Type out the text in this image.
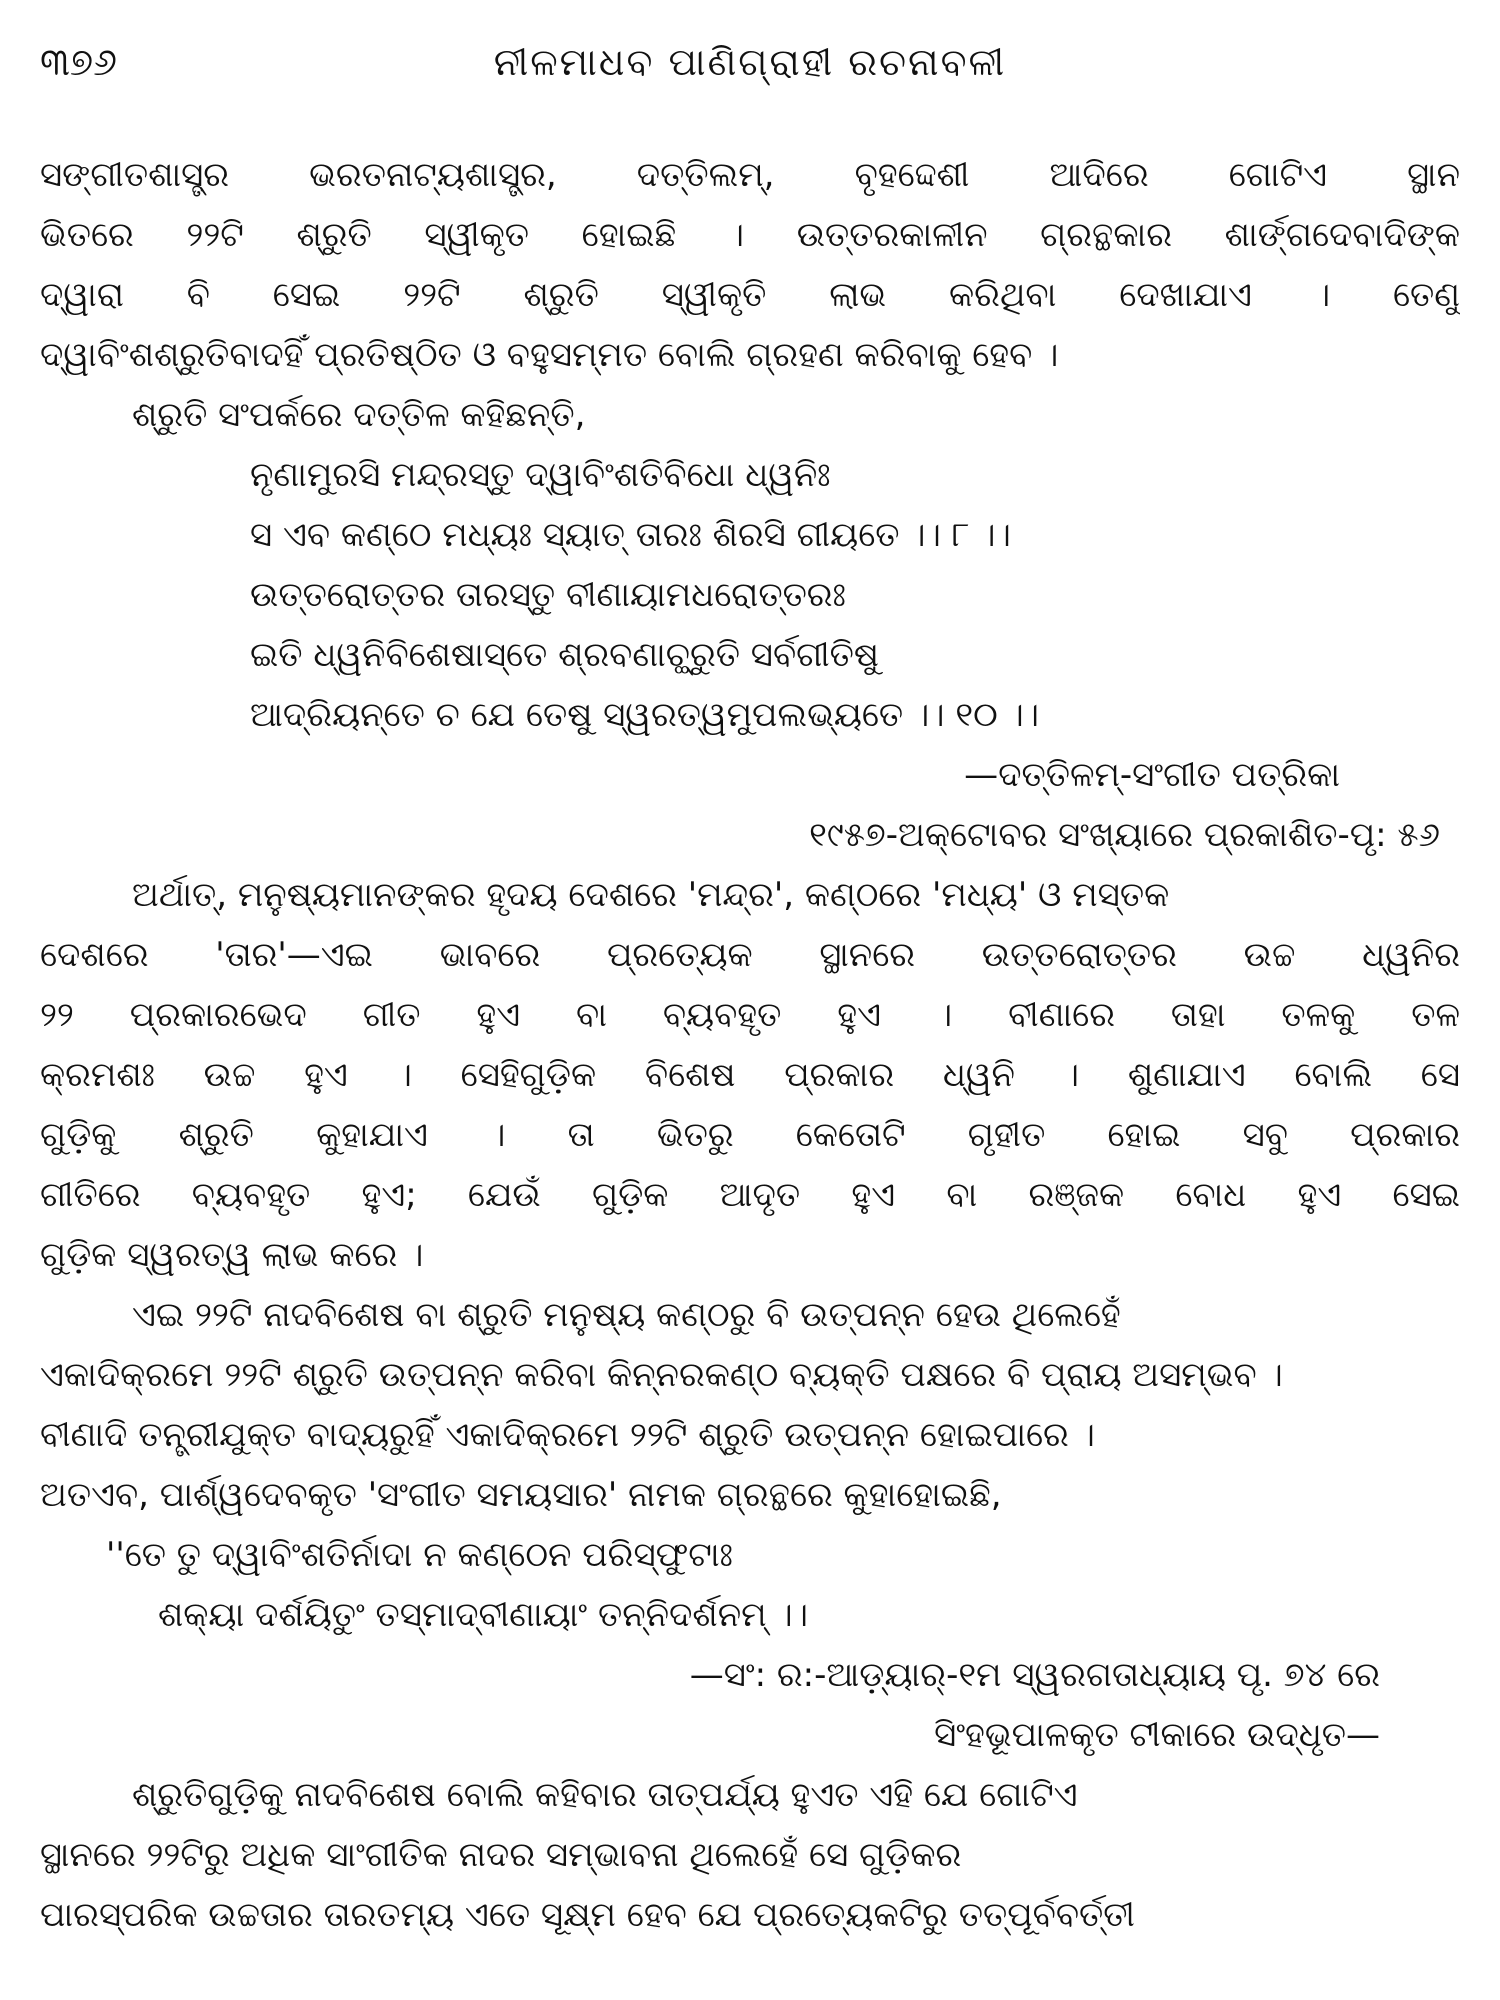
୩୭୬	ନୀଳମାଧବ ପାଣିଗ୍ରାହୀ ରଚନାବଳୀ
ସଙ୍ଗୀତଶାସ୍ତ୍ର ଭରତନାଟ୍ୟଶାସ୍ତ୍ର, ଦତ୍ତିଲମ୍, ବୃହଦ୍ଦେଶୀ ଆଦିରେ ଗୋଟିଏ ସ୍ଥାନ
ଭିତରେ ୨୨ଟି ଶ୍ରୁତି ସ୍ୱୀକୃତ ହୋଇଛି । ଉତ୍ତରକାଳୀନ ଗ୍ରନ୍ଥକାର ଶାର୍ଙ୍ଗଦେବାଦିଙ୍କ
ଦ୍ୱାରା ବି ସେଇ ୨୨ଟି ଶ୍ରୁତି ସ୍ୱୀକୃତି ଲାଭ କରିଥିବା ଦେଖାଯାଏ । ତେଣୁ
ଦ୍ୱାବିଂଶଶ୍ରୁତିବାଦହିଁ ପ୍ରତିଷ୍ଠିତ ଓ ବହୁସମ୍ମତ ବୋଲି ଗ୍ରହଣ କରିବାକୁ ହେବ ।
ଶ୍ରୁତି ସଂପର୍କରେ ଦତ୍ତିଳ କହିଛନ୍ତି,
ନୃଣାମୁରସି ମନ୍ଦ୍ରସ୍ତୁ ଦ୍ୱାବିଂଶତିବିଧୋ ଧ୍ୱନିଃ
ସ ଏବ କଣ୍ଠେ ମଧ୍ୟଃ ସ୍ୟାତ୍ ତାରଃ ଶିରସି ଗୀୟତେ ।। ୮ ।।
ଉତ୍ତରୋତ୍ତର ତାରସ୍ତୁ ବୀଣାୟାମଧରୋତ୍ତରଃ
ଇତି ଧ୍ୱନିବିଶେଷାସ୍ତେ ଶ୍ରବଣାଚ୍ଛ୍ରୁତି ସର୍ବଗୀତିଷୁ
ଆଦ୍ରିୟନ୍ତେ ଚ ଯେ ତେଷୁ ସ୍ୱରତ୍ୱମୁପଲଭ୍ୟତେ ।। ୧୦ ।।
—ଦତ୍ତିଳମ୍-ସଂଗୀତ ପତ୍ରିକା
୧୯୫୭-ଅକ୍ଟୋବର ସଂଖ୍ୟାରେ ପ୍ରକାଶିତ-ପୃ: ୫୬
ଅର୍ଥାତ୍, ମନୁଷ୍ୟମାନଙ୍କର ହୃଦୟ ଦେଶରେ 'ମନ୍ଦ୍ର', କଣ୍ଠରେ 'ମଧ୍ୟ' ଓ ମସ୍ତକ
ଦେଶରେ 'ତାର'—ଏଇ ଭାବରେ ପ୍ରତ୍ୟେକ ସ୍ଥାନରେ ଉତ୍ତରୋତ୍ତର ଉଚ୍ଚ ଧ୍ୱନିର
୨୨ ପ୍ରକାରଭେଦ ଗୀତ ହୁଏ ବା ବ୍ୟବହୃତ ହୁଏ । ବୀଣାରେ ତାହା ତଳକୁ ତଳ
କ୍ରମଶଃ ଉଚ୍ଚ ହୁଏ । ସେହିଗୁଡ଼ିକ ବିଶେଷ ପ୍ରକାର ଧ୍ୱନି । ଶୁଣାଯାଏ ବୋଲି ସେ
ଗୁଡ଼ିକୁ ଶ୍ରୁତି କୁହାଯାଏ । ତା ଭିତରୁ କେତୋଟି ଗୃହୀତ ହୋଇ ସବୁ ପ୍ରକାର
ଗୀତିରେ ବ୍ୟବହୃତ ହୁଏ; ଯେଉଁ ଗୁଡ଼ିକ ଆଦୃତ ହୁଏ ବା ରଞ୍ଜକ ବୋଧ ହୁଏ ସେଇ
ଗୁଡ଼ିକ ସ୍ୱରତ୍ୱ ଲାଭ କରେ ।
ଏଇ ୨୨ଟି ନାଦବିଶେଷ ବା ଶ୍ରୁତି ମନୁଷ୍ୟ କଣ୍ଠରୁ ବି ଉତ୍ପନ୍ନ ହେଉ ଥିଲେହେଁ
ଏକାଦିକ୍ରମେ ୨୨ଟି ଶ୍ରୁତି ଉତ୍ପନ୍ନ କରିବା କିନ୍ନରକଣ୍ଠ ବ୍ୟକ୍ତି ପକ୍ଷରେ ବି ପ୍ରାୟ ଅସମ୍ଭବ ।
ବୀଣାଦି ତନ୍ତ୍ରୀଯୁକ୍ତ ବାଦ୍ୟରୁହିଁ ଏକାଦିକ୍ରମେ ୨୨ଟି ଶ୍ରୁତି ଉତ୍ପନ୍ନ ହୋଇପାରେ ।
ଅତଏବ, ପାର୍ଶ୍ୱଦେବକୃତ 'ସଂଗୀତ ସମୟସାର' ନାମକ ଗ୍ରନ୍ଥରେ କୁହାହୋଇଛି,
''ତେ ତୁ ଦ୍ୱାବିଂଶତିର୍ନାଦା ନ କଣ୍ଠେନ ପରିସ୍ଫୁଟାଃ
ଶକ୍ୟା ଦର୍ଶୟିତୁଂ ତସ୍ମାଦ୍‌ବୀଣାୟାଂ ତନ୍ନିଦର୍ଶନମ୍ ।।
—ସଂ: ର:-ଆଡ଼୍ୟାର୍-୧ମ ସ୍ୱରଗତାଧ୍ୟାୟ ପୃ. ୭୪ ରେ
ସିଂହଭୂପାଳକୃତ ଟୀକାରେ ଉଦ୍ଧୃତ—
ଶ୍ରୁତିଗୁଡ଼ିକୁ ନାଦବିଶେଷ ବୋଲି କହିବାର ତାତ୍ପର୍ଯ୍ୟ ହୁଏତ ଏହି ଯେ ଗୋଟିଏ
ସ୍ଥାନରେ ୨୨ଟିରୁ ଅଧିକ ସାଂଗୀତିକ ନାଦର ସମ୍ଭାବନା ଥିଲେହେଁ ସେ ଗୁଡ଼ିକର
ପାରସ୍ପରିକ ଉଚ୍ଚତାର ତାରତମ୍ୟ ଏତେ ସୂକ୍ଷ୍ମ ହେବ ଯେ ପ୍ରତ୍ୟେକଟିରୁ ତତ୍ପୂର୍ବବର୍ତ୍ତୀ
